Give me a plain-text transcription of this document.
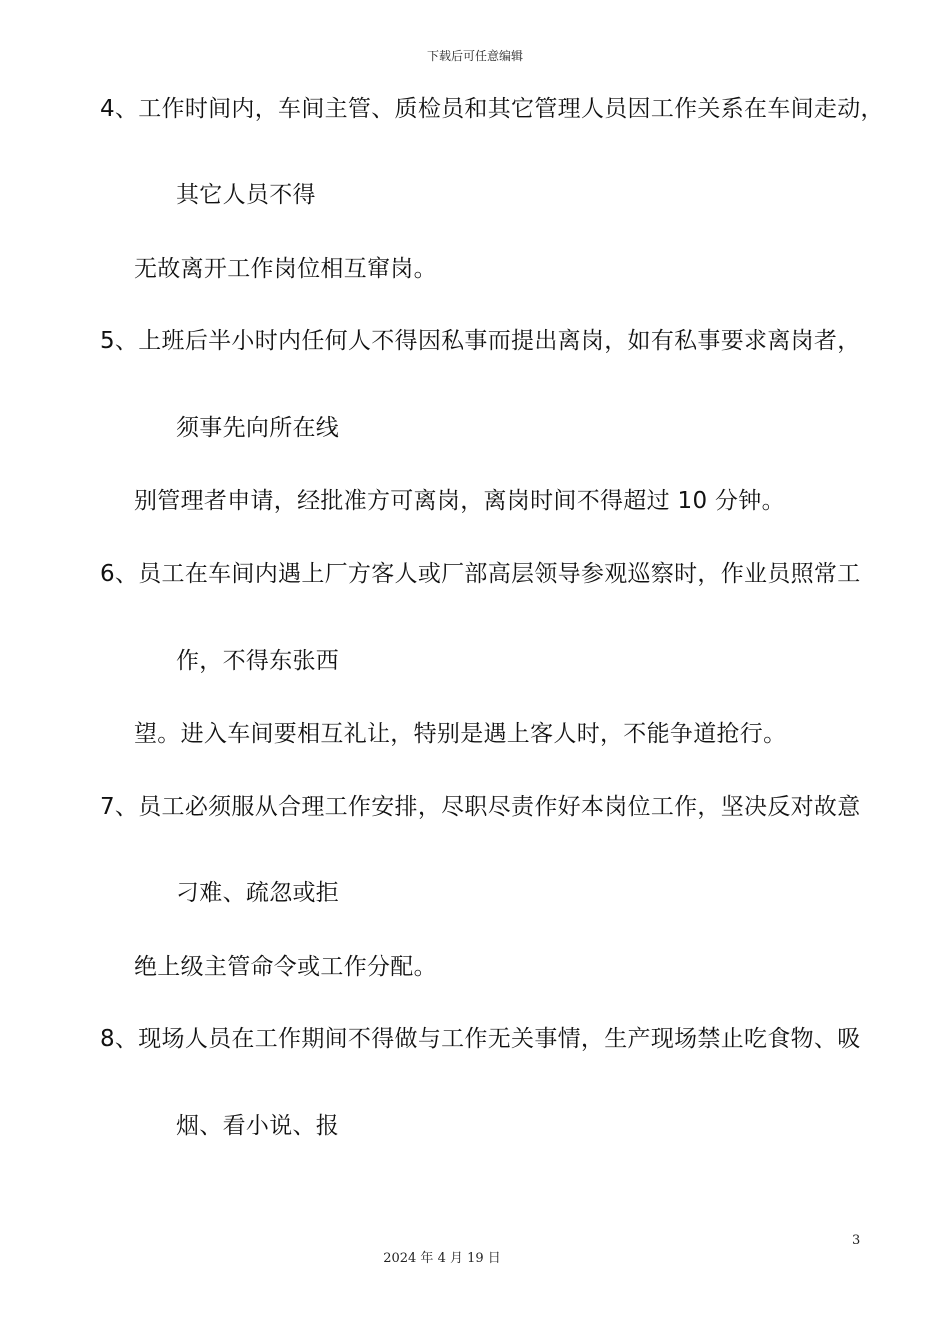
下载后可任意编辑
4、工作时间内，车间主管、质检员和其它管理人员因工作关系在车间走动，
其它人员不得
无故离开工作岗位相互窜岗。
5、上班后半小时内任何人不得因私事而提出离岗，如有私事要求离岗者，
须事先向所在线
别管理者申请，经批准方可离岗，离岗时间不得超过 10 分钟。
6、员工在车间内遇上厂方客人或厂部高层领导参观巡察时，作业员照常工
作，不得东张西
望。进入车间要相互礼让，特别是遇上客人时，不能争道抢行。
7、员工必须服从合理工作安排，尽职尽责作好本岗位工作，坚决反对故意
刁难、疏忽或拒
绝上级主管命令或工作分配。
8、现场人员在工作期间不得做与工作无关事情，生产现场禁止吃食物、吸
烟、看小说、报
3
2024 年 4 月 19 日
